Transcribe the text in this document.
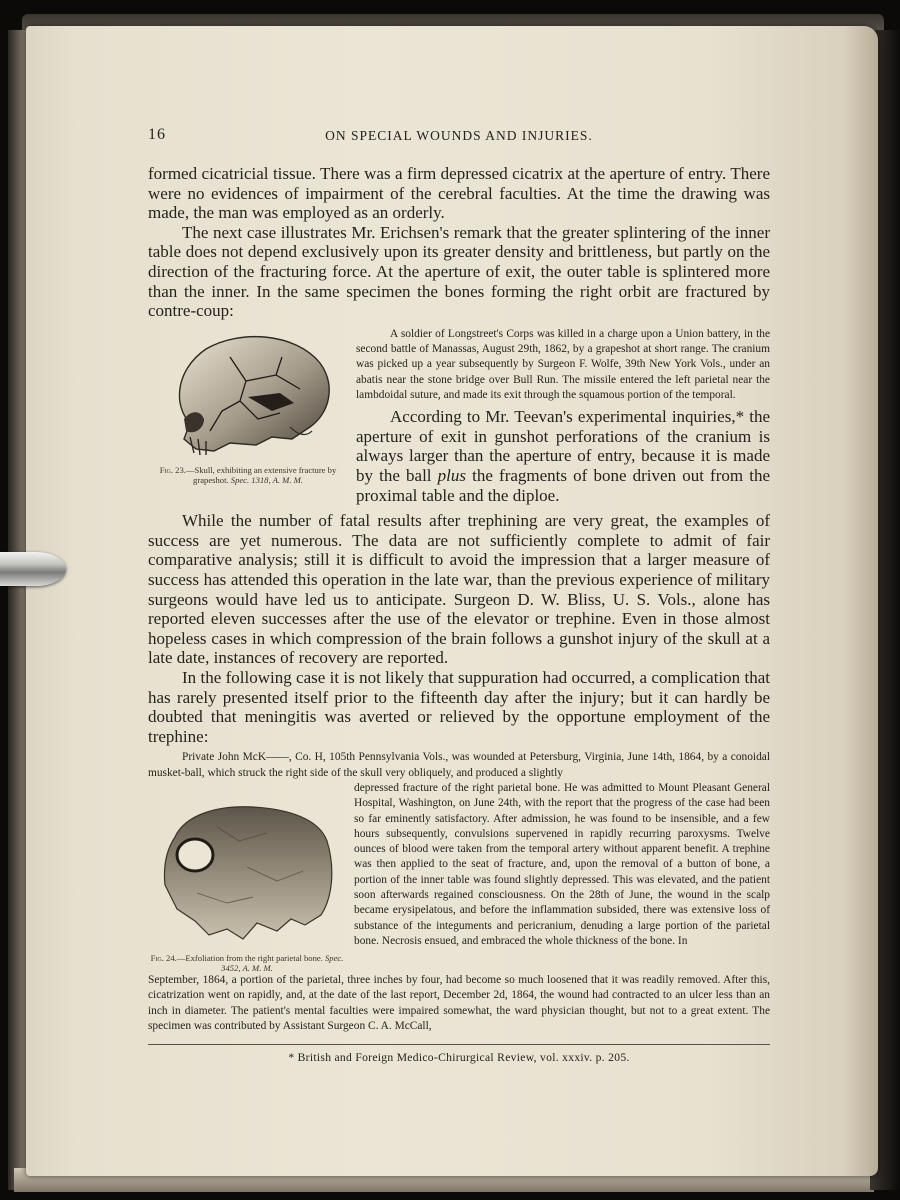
16	ON SPECIAL WOUNDS AND INJURIES.

formed cicatricial tissue. There was a firm depressed cicatrix at the aperture of entry. There were no evidences of impairment of the cerebral faculties. At the time the drawing was made, the man was employed as an orderly.

The next case illustrates Mr. Erichsen's remark that the greater splintering of the inner table does not depend exclusively upon its greater density and brittleness, but partly on the direction of the fracturing force. At the aperture of exit, the outer table is splintered more than the inner. In the same specimen the bones forming the right orbit are fractured by contre-coup:

Fig. 23.—Skull, exhibiting an extensive fracture by grapeshot. Spec. 1318, A. M. M.

A soldier of Longstreet's Corps was killed in a charge upon a Union battery, in the second battle of Manassas, August 29th, 1862, by a grapeshot at short range. The cranium was picked up a year subsequently by Surgeon F. Wolfe, 39th New York Vols., under an abatis near the stone bridge over Bull Run. The missile entered the left parietal near the lambdoidal suture, and made its exit through the squamous portion of the temporal.

According to Mr. Teevan's experimental inquiries,* the aperture of exit in gunshot perforations of the cranium is always larger than the aperture of entry, because it is made by the ball plus the fragments of bone driven out from the proximal table and the diploe.

While the number of fatal results after trephining are very great, the examples of success are yet numerous. The data are not sufficiently complete to admit of fair comparative analysis; still it is difficult to avoid the impression that a larger measure of success has attended this operation in the late war, than the previous experience of military surgeons would have led us to anticipate. Surgeon D. W. Bliss, U. S. Vols., alone has reported eleven successes after the use of the elevator or trephine. Even in those almost hopeless cases in which compression of the brain follows a gunshot injury of the skull at a late date, instances of recovery are reported.

In the following case it is not likely that suppuration had occurred, a complication that has rarely presented itself prior to the fifteenth day after the injury; but it can hardly be doubted that meningitis was averted or relieved by the opportune employment of the trephine:

Private John McK——, Co. H, 105th Pennsylvania Vols., was wounded at Petersburg, Virginia, June 14th, 1864, by a conoidal musket-ball, which struck the right side of the skull very obliquely, and produced a slightly

Fig. 24.—Exfoliation from the right parietal bone. Spec. 3452, A. M. M.

depressed fracture of the right parietal bone. He was admitted to Mount Pleasant General Hospital, Washington, on June 24th, with the report that the progress of the case had been so far eminently satisfactory. After admission, he was found to be insensible, and a few hours subsequently, convulsions supervened in rapidly recurring paroxysms. Twelve ounces of blood were taken from the temporal artery without apparent benefit. A trephine was then applied to the seat of fracture, and, upon the removal of a button of bone, a portion of the inner table was found slightly depressed. This was elevated, and the patient soon afterwards regained consciousness. On the 28th of June, the wound in the scalp became erysipelatous, and before the inflammation subsided, there was extensive loss of substance of the integuments and pericranium, denuding a large portion of the parietal bone. Necrosis ensued, and embraced the whole thickness of the bone. In

September, 1864, a portion of the parietal, three inches by four, had become so much loosened that it was readily removed. After this, cicatrization went on rapidly, and, at the date of the last report, December 2d, 1864, the wound had contracted to an ulcer less than an inch in diameter. The patient's mental faculties were impaired somewhat, the ward physician thought, but not to a great extent. The specimen was contributed by Assistant Surgeon C. A. McCall,

* British and Foreign Medico-Chirurgical Review, vol. xxxiv. p. 205.
